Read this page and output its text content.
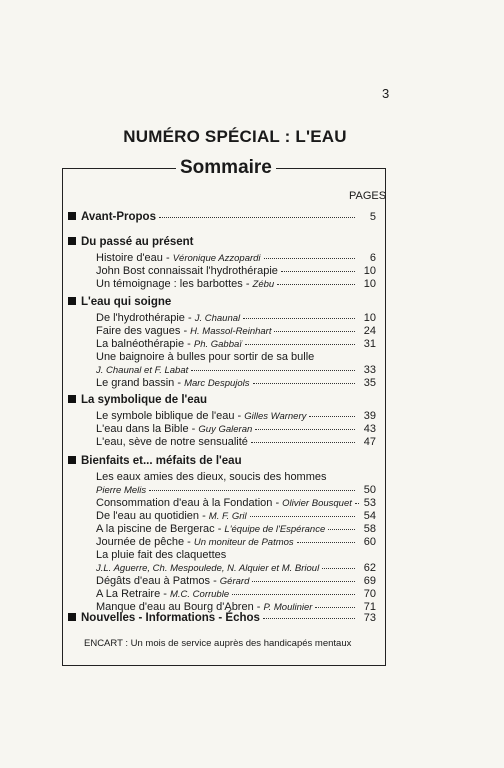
3
NUMÉRO SPÉCIAL : L'EAU
Sommaire
PAGES
Avant-Propos	5
Du passé au présent
Histoire d'eau - Véronique Azzopardi	6
John Bost connaissait l'hydrothérapie	10
Un témoignage : les barbottes - Zébu	10
L'eau qui soigne
De l'hydrothérapie - J. Chaunal	10
Faire des vagues - H. Massol-Reinhart	24
La balnéothérapie - Ph. Gabbaï	31
Une baignoire à bulles pour sortir de sa bulle
J. Chaunal et F. Labat	33
Le grand bassin - Marc Despujols	35
La symbolique de l'eau
Le symbole biblique de l'eau - Gilles Warnery	39
L'eau dans la Bible - Guy Galeran	43
L'eau, sève de notre sensualité	47
Bienfaits et... méfaits de l'eau
Les eaux amies des dieux, soucis des hommes
Pierre Melis	50
Consommation d'eau à la Fondation - Olivier Bousquet 53
De l'eau au quotidien - M. F. Gril	54
A la piscine de Bergerac - L'équipe de l'Espérance	58
Journée de pêche - Un moniteur de Patmos	60
La pluie fait des claquettes
J.L. Aguerre, Ch. Mespoulede, N. Alquier et M. Brioul	62
Dégâts d'eau à Patmos - Gérard	69
A La Retraire - M.C. Corruble	70
Manque d'eau au Bourg d'Abren - P. Moulinier	71
Nouvelles - Informations - Échos	73
ENCART : Un mois de service auprès des handicapés mentaux
